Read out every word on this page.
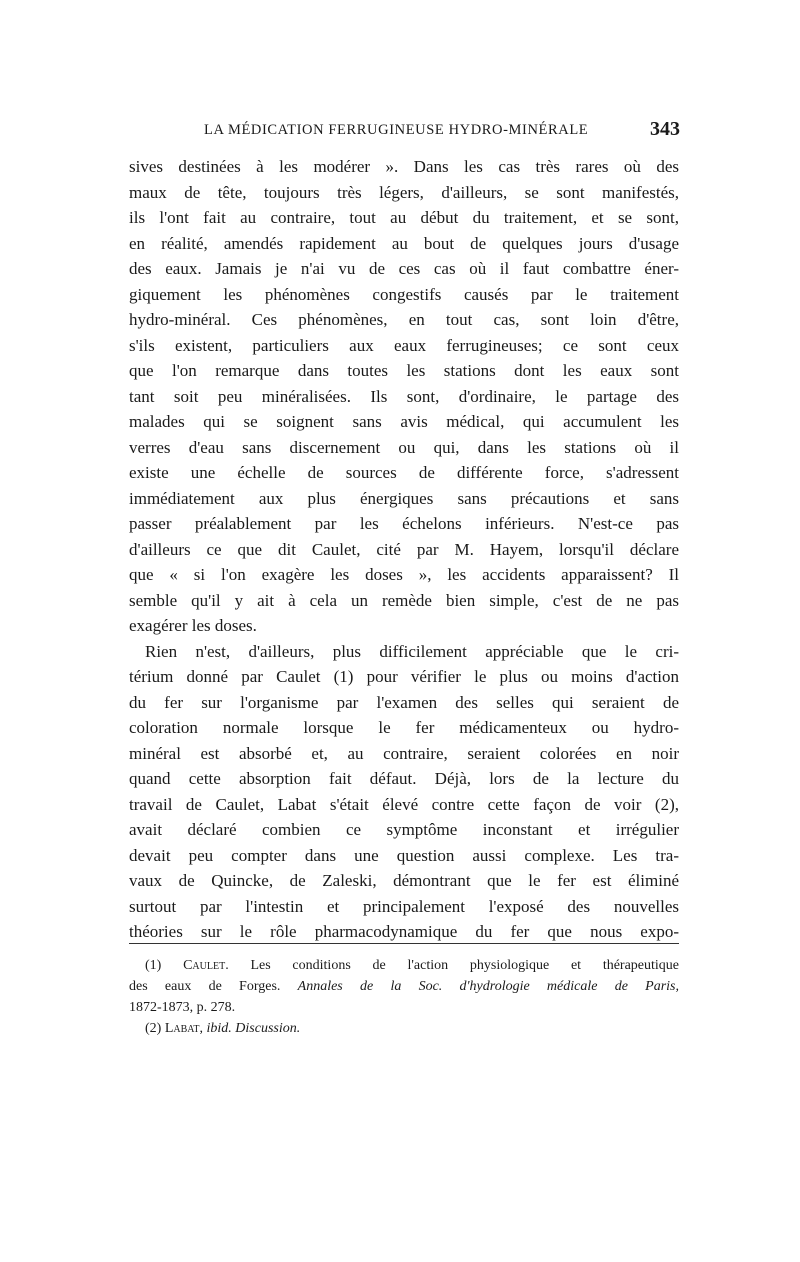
LA MÉDICATION FERRUGINEUSE HYDRO-MINÉRALE	343
sives destinées à les modérer ». Dans les cas très rares où des
maux de tête, toujours très légers, d'ailleurs, se sont manifestés,
ils l'ont fait au contraire, tout au début du traitement, et se sont,
en réalité, amendés rapidement au bout de quelques jours d'usage
des eaux. Jamais je n'ai vu de ces cas où il faut combattre éner-
giquement les phénomènes congestifs causés par le traitement
hydro-minéral. Ces phénomènes, en tout cas, sont loin d'être,
s'ils existent, particuliers aux eaux ferrugineuses; ce sont ceux
que l'on remarque dans toutes les stations dont les eaux sont
tant soit peu minéralisées. Ils sont, d'ordinaire, le partage des
malades qui se soignent sans avis médical, qui accumulent les
verres d'eau sans discernement ou qui, dans les stations où il
existe une échelle de sources de différente force, s'adressent
immédiatement aux plus énergiques sans précautions et sans
passer préalablement par les échelons inférieurs. N'est-ce pas
d'ailleurs ce que dit Caulet, cité par M. Hayem, lorsqu'il déclare
que « si l'on exagère les doses », les accidents apparaissent? Il
semble qu'il y ait à cela un remède bien simple, c'est de ne pas
exagérer les doses.
Rien n'est, d'ailleurs, plus difficilement appréciable que le cri-
térium donné par Caulet (1) pour vérifier le plus ou moins d'action
du fer sur l'organisme par l'examen des selles qui seraient de
coloration normale lorsque le fer médicamenteux ou hydro-
minéral est absorbé et, au contraire, seraient colorées en noir
quand cette absorption fait défaut. Déjà, lors de la lecture du
travail de Caulet, Labat s'était élevé contre cette façon de voir (2),
avait déclaré combien ce symptôme inconstant et irrégulier
devait peu compter dans une question aussi complexe. Les tra-
vaux de Quincke, de Zaleski, démontrant que le fer est éliminé
surtout par l'intestin et principalement l'exposé des nouvelles
théories sur le rôle pharmacodynamique du fer que nous expo-
(1) Caulet. Les conditions de l'action physiologique et thérapeutique
des eaux de Forges. Annales de la Soc. d'hydrologie médicale de Paris,
1872-1873, p. 278.
(2) Labat, ibid. Discussion.
